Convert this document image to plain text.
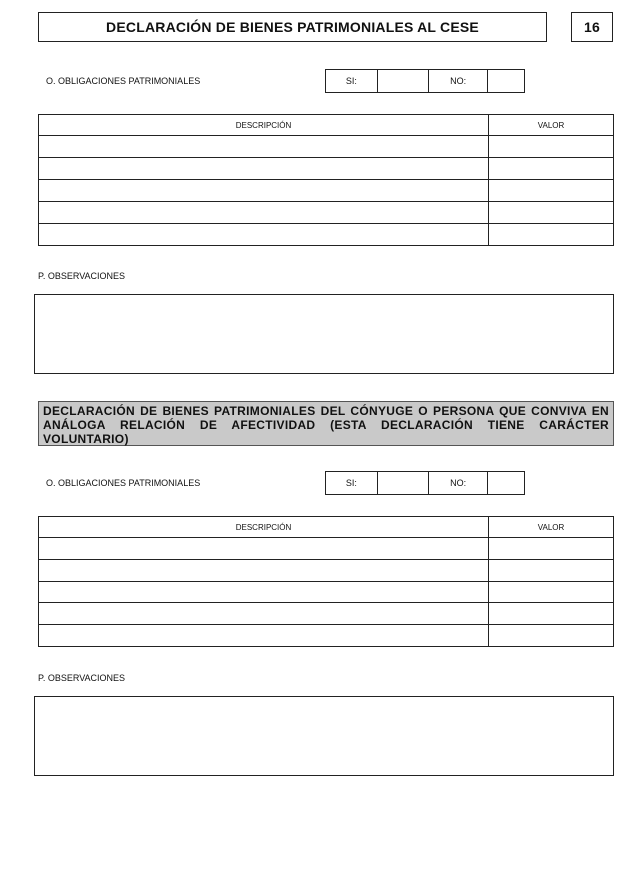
DECLARACIÓN DE BIENES PATRIMONIALES AL CESE	16
O. OBLIGACIONES PATRIMONIALES	SI:	NO:
DESCRIPCIÓN	VALOR

P. OBSERVACIONES
DECLARACIÓN DE BIENES PATRIMONIALES DEL CÓNYUGE O PERSONA QUE CONVIVA EN ANÁLOGA RELACIÓN DE AFECTIVIDAD (ESTA DECLARACIÓN TIENE CARÁCTER VOLUNTARIO)
O. OBLIGACIONES PATRIMONIALES	SI:	NO:
DESCRIPCIÓN	VALOR

P. OBSERVACIONES
